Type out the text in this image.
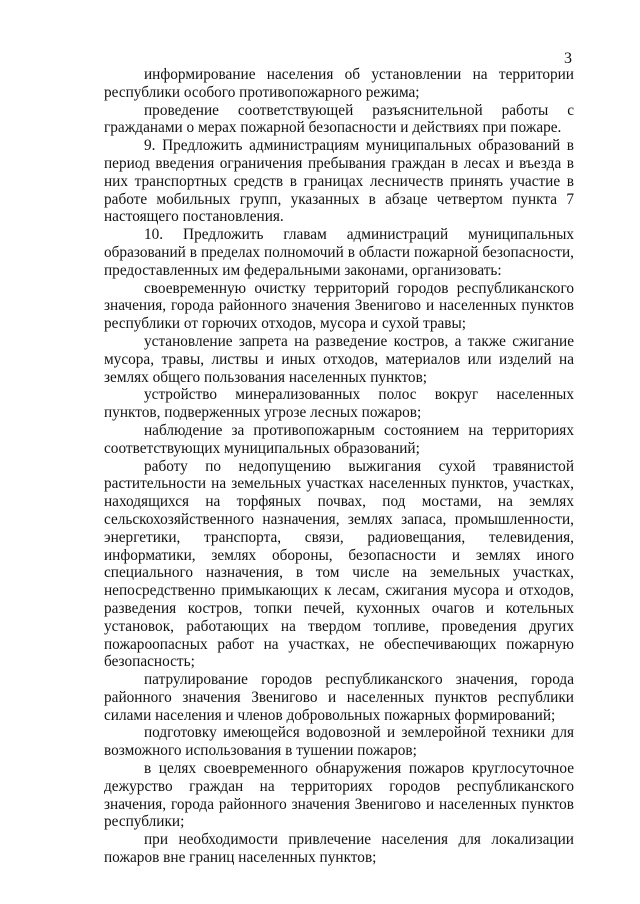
3

информирование населения об установлении на территории республики особого противопожарного режима;

проведение соответствующей разъяснительной работы с гражданами о мерах пожарной безопасности и действиях при пожаре.

9. Предложить администрациям муниципальных образований в период введения ограничения пребывания граждан в лесах и въезда в них транспортных средств в границах лесничеств принять участие в работе мобильных групп, указанных в абзаце четвертом пункта 7 настоящего постановления.

10. Предложить главам администраций муниципальных образований в пределах полномочий в области пожарной безопасности, предоставленных им федеральными законами, организовать:

своевременную очистку территорий городов республиканского значения, города районного значения Звенигово и населенных пунктов республики от горючих отходов, мусора и сухой травы;

установление запрета на разведение костров, а также сжигание мусора, травы, листвы и иных отходов, материалов или изделий на землях общего пользования населенных пунктов;

устройство минерализованных полос вокруг населенных пунктов, подверженных угрозе лесных пожаров;

наблюдение за противопожарным состоянием на территориях соответствующих муниципальных образований;

работу по недопущению выжигания сухой травянистой растительности на земельных участках населенных пунктов, участках, находящихся на торфяных почвах, под мостами, на землях сельскохозяйственного назначения, землях запаса, промышленности, энергетики, транспорта, связи, радиовещания, телевидения, информатики, землях обороны, безопасности и землях иного специального назначения, в том числе на земельных участках, непосредственно примыкающих к лесам, сжигания мусора и отходов, разведения костров, топки печей, кухонных очагов и котельных установок, работающих на твердом топливе, проведения других пожароопасных работ на участках, не обеспечивающих пожарную безопасность;

патрулирование городов республиканского значения, города районного значения Звенигово и населенных пунктов республики силами населения и членов добровольных пожарных формирований;

подготовку имеющейся водовозной и землеройной техники для возможного использования в тушении пожаров;

в целях своевременного обнаружения пожаров круглосуточное дежурство граждан на территориях городов республиканского значения, города районного значения Звенигово и населенных пунктов республики;

при необходимости привлечение населения для локализации пожаров вне границ населенных пунктов;
